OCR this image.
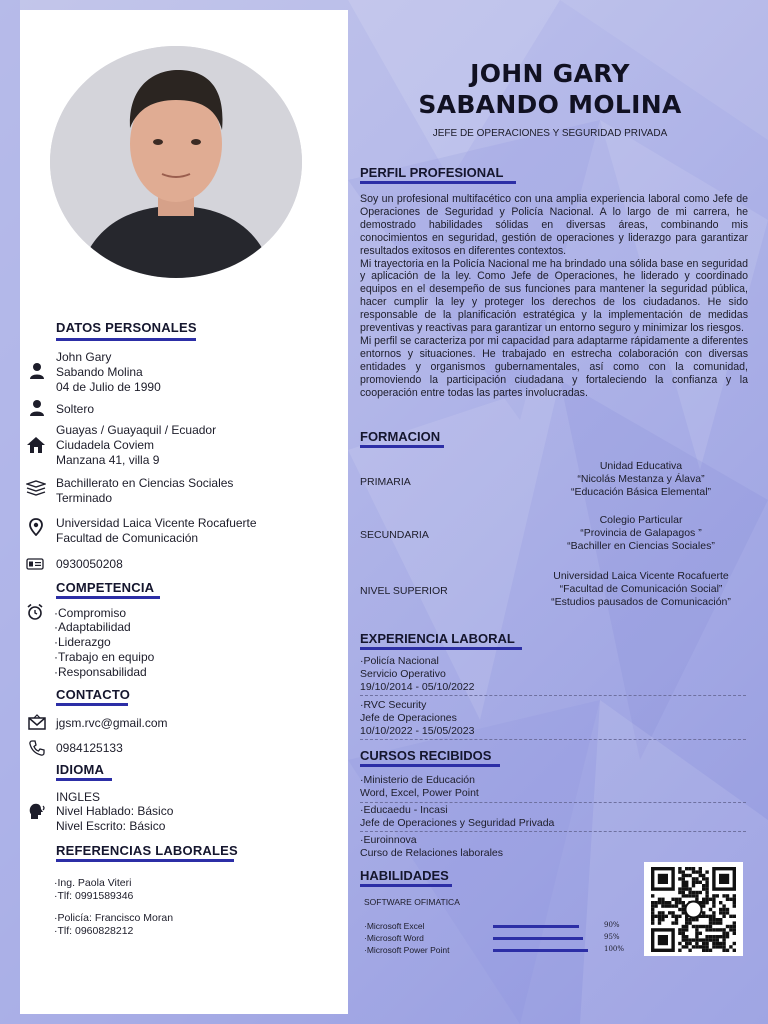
DATOS PERSONALES
John Gary
Sabando Molina
04 de Julio de 1990
Soltero
Guayas / Guayaquil / Ecuador
Ciudadela Coviem
Manzana 41, villa 9
Bachillerato en Ciencias Sociales
Terminado
Universidad Laica Vicente Rocafuerte
Facultad de Comunicación
0930050208
COMPETENCIA
·Compromiso
·Adaptabilidad
·Liderazgo
·Trabajo en equipo
·Responsabilidad
CONTACTO
jgsm.rvc@gmail.com
0984125133
IDIOMA
INGLES
Nivel Hablado: Básico
Nivel Escrito: Básico
REFERENCIAS LABORALES
·Ing. Paola Viteri
·Tlf: 0991589346
·Policía: Francisco Moran
·Tlf: 0960828212
JOHN GARY
SABANDO MOLINA
JEFE DE OPERACIONES Y SEGURIDAD PRIVADA
PERFIL PROFESIONAL

Soy un profesional multifacético con una amplia experiencia laboral como Jefe de Operaciones de Seguridad y Policía Nacional. A lo largo de mi carrera, he demostrado habilidades sólidas en diversas áreas, combinando mis conocimientos en seguridad, gestión de operaciones y liderazgo para garantizar resultados exitosos en diferentes contextos.

Mi trayectoria en la Policía Nacional me ha brindado una sólida base en seguridad y aplicación de la ley. Como Jefe de Operaciones, he liderado y coordinado equipos en el desempeño de sus funciones para mantener la seguridad pública, hacer cumplir la ley y proteger los derechos de los ciudadanos. He sido responsable de la planificación estratégica y la implementación de medidas preventivas y reactivas para garantizar un entorno seguro y minimizar los riesgos.

Mi perfil se caracteriza por mi capacidad para adaptarme rápidamente a diferentes entornos y situaciones. He trabajado en estrecha colaboración con diversas entidades y organismos gubernamentales, así como con la comunidad, promoviendo la participación ciudadana y fortaleciendo la confianza y la cooperación entre todas las partes involucradas.

FORMACION
PRIMARIA
Unidad Educativa
“Nicolás Mestanza y Álava”
“Educación Básica Elemental”
SECUNDARIA
Colegio Particular
“Provincia de Galapagos ”
“Bachiller en Ciencias Sociales”
NIVEL SUPERIOR
Universidad Laica Vicente Rocafuerte
“Facultad de Comunicación Social”
“Estudios pausados de Comunicación”
EXPERIENCIA LABORAL
·Policía Nacional
Servicio Operativo
19/10/2014 - 05/10/2022
·RVC Security
Jefe de Operaciones
10/10/2022 - 15/05/2023
CURSOS RECIBIDOS
·Ministerio de Educación
Word, Excel, Power Point
·Educaedu - Incasi
Jefe de Operaciones y Seguridad Privada
·Euroinnova
Curso de Relaciones laborales
HABILIDADES
SOFTWARE OFIMATICA
·Microsoft Excel	90%
·Microsoft Word	95%
·Microsoft Power Point	100%
